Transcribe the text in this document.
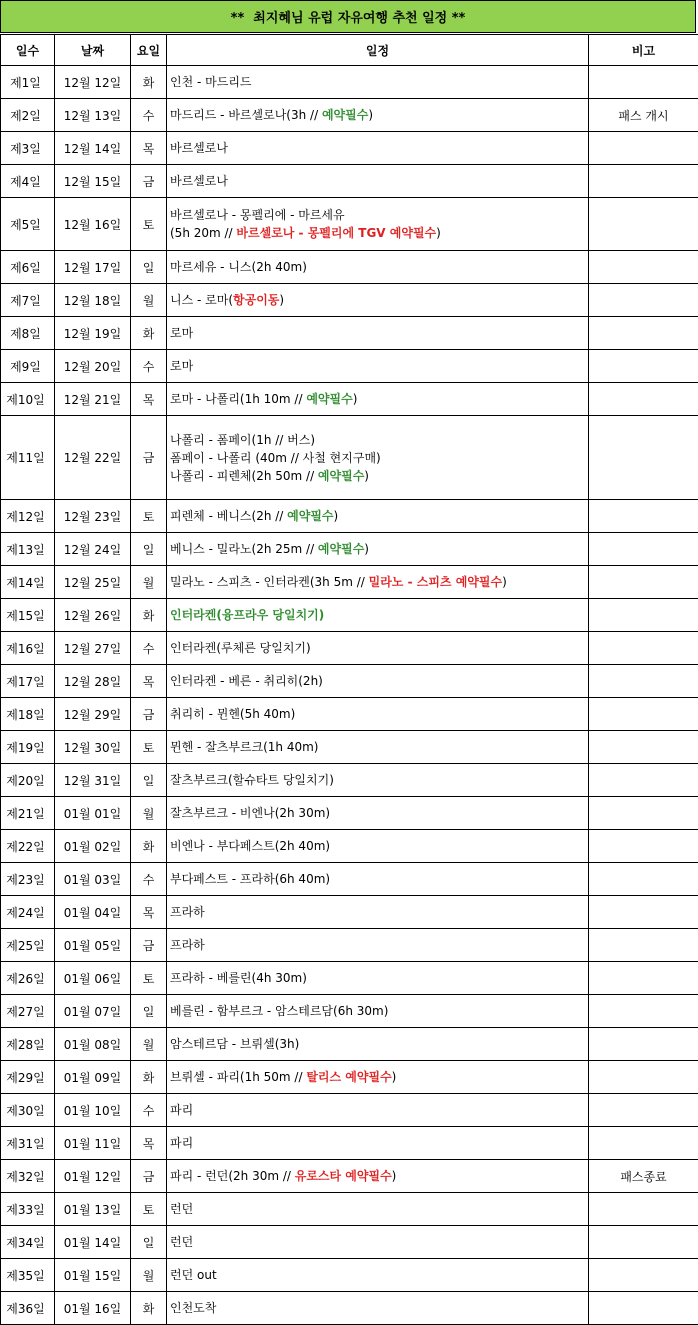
**  최지혜님 유럽 자유여행 추천 일정 **
일수	날짜	요일	일정	비고
제1일	12월 12일	화	인천 - 마드리드	

제2일	12월 13일	수	마드리드 - 바르셀로나(3h // 예약필수)	패스 개시
제3일	12월 14일	목	바르셀로나	

제4일	12월 15일	금	바르셀로나	

제5일	12월 16일	토	바르셀로나 - 몽펠리에 - 마르세유
(5h 20m // 바르셀로나 - 몽펠리에 TGV 예약필수)	

제6일	12월 17일	일	마르세유 - 니스(2h 40m)	

제7일	12월 18일	월	니스 - 로마(항공이동)	

제8일	12월 19일	화	로마	

제9일	12월 20일	수	로마	

제10일	12월 21일	목	로마 - 나폴리(1h 10m // 예약필수)	

제11일	12월 22일	금	나폴리 - 폼페이(1h // 버스)
폼페이 - 나폴리 (40m // 사철 현지구매)
나폴리 - 피렌체(2h 50m // 예약필수)	

제12일	12월 23일	토	피렌체 - 베니스(2h // 예약필수)	

제13일	12월 24일	일	베니스 - 밀라노(2h 25m // 예약필수)	

제14일	12월 25일	월	밀라노 - 스피츠 - 인터라켄(3h 5m // 밀라노 - 스피츠 예약필수)	

제15일	12월 26일	화	인터라켄(융프라우 당일치기)	

제16일	12월 27일	수	인터라켄(루체른 당일치기)	

제17일	12월 28일	목	인터라켄 - 베른 - 취리히(2h)	

제18일	12월 29일	금	취리히 - 뮌헨(5h 40m)	

제19일	12월 30일	토	뮌헨 - 잘츠부르크(1h 40m)	

제20일	12월 31일	일	잘츠부르크(할슈타트 당일치기)	

제21일	01월 01일	월	잘츠부르크 - 비엔나(2h 30m)	

제22일	01월 02일	화	비엔나 - 부다페스트(2h 40m)	

제23일	01월 03일	수	부다페스트 - 프라하(6h 40m)	

제24일	01월 04일	목	프라하	

제25일	01월 05일	금	프라하	

제26일	01월 06일	토	프라하 - 베를린(4h 30m)	

제27일	01월 07일	일	베를린 - 함부르크 - 암스테르담(6h 30m)	

제28일	01월 08일	월	암스테르담 - 브뤼셀(3h)	

제29일	01월 09일	화	브뤼셀 - 파리(1h 50m // 탈리스 예약필수)	

제30일	01월 10일	수	파리	

제31일	01월 11일	목	파리	

제32일	01월 12일	금	파리 - 런던(2h 30m // 유로스타 예약필수)	패스종료
제33일	01월 13일	토	런던	

제34일	01월 14일	일	런던	

제35일	01월 15일	월	런던 out	

제36일	01월 16일	화	인천도착	
